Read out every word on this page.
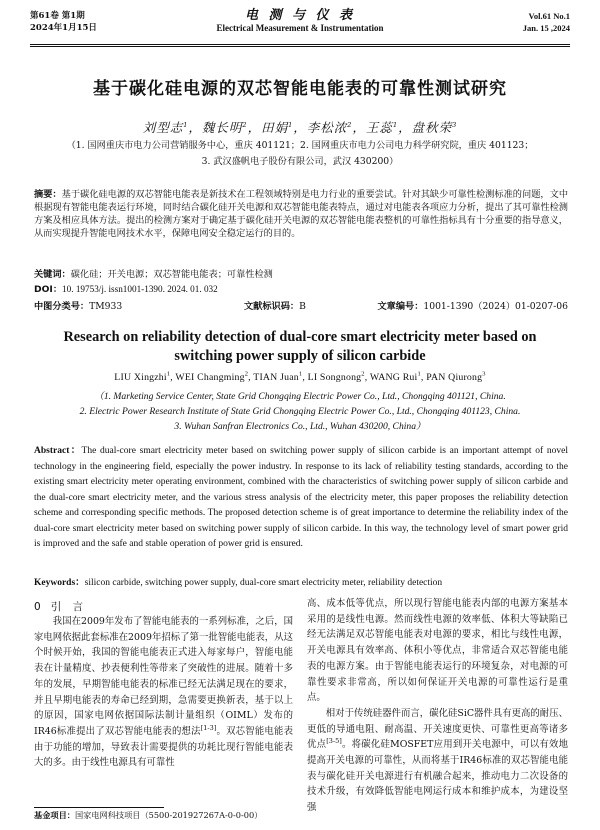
第61卷 第1期
2024年1月15日
电 测 与 仪 表
Electrical Measurement & Instrumentation
Vol.61 No.1
Jan. 15 ,2024
基于碳化硅电源的双芯智能电能表的可靠性测试研究
刘型志$^1$，魏长明$^2$，田娟$^1$，李松浓$^2$，王蕊$^1$，盘秋荣$^3$
（1. 国网重庆市电力公司营销服务中心，重庆 401121；2. 国网重庆市电力公司电力科学研究院，重庆 401123；
3. 武汉盛帆电子股份有限公司，武汉 430200）
摘要：基于碳化硅电源的双芯智能电能表是新技术在工程领域特别是电力行业的重要尝试。针对其缺少可靠性检测标准的问题，文中根据现有智能电能表运行环境，同时结合碳化硅开关电源和双芯智能电能表特点，通过对电能表各项应力分析，提出了其可靠性检测方案及相应具体方法。提出的检测方案对于确定基于碳化硅开关电源的双芯智能电能表整机的可靠性指标具有十分重要的指导意义，从而实现提升智能电网技术水平，保障电网安全稳定运行的目的。
关键词：碳化硅；开关电源；双芯智能电能表；可靠性检测
DOI：10. 19753/j. issn1001-1390. 2024. 01. 032
中图分类号：TM933	文献标识码：B	文章编号：1001-1390（2024）01-0207-06
Research on reliability detection of dual-core smart electricity meter based on
switching power supply of silicon carbide
LIU Xingzhi$^1$, WEI Changming$^2$, TIAN Juan$^1$, LI Songnong$^2$, WANG Rui$^1$, PAN Qiurong$^3$
（1. Marketing Service Center, State Grid Chongqing Electric Power Co., Ltd., Chongqing 401121, China.
2. Electric Power Research Institute of State Grid Chongqing Electric Power Co., Ltd., Chongqing 401123, China.
3. Wuhan Sanfran Electronics Co., Ltd., Wuhan 430200, China）
Abstract：The dual-core smart electricity meter based on switching power supply of silicon carbide is an important attempt of novel technology in the engineering field, especially the power industry. In response to its lack of reliability testing standards, according to the existing smart electricity meter operating environment, combined with the characteristics of switching power supply of silicon carbide and the dual-core smart electricity meter, and the various stress analysis of the electricity meter, this paper proposes the reliability detection scheme and corresponding specific methods. The proposed detection scheme is of great importance to determine the reliability index of the dual-core smart electricity meter based on switching power supply of silicon carbide. In this way, the technology level of smart power grid is improved and the safe and stable operation of power grid is ensured.
Keywords：silicon carbide, switching power supply, dual-core smart electricity meter, reliability detection
0 引 言
我国在2009年发布了智能电能表的一系列标准，之后，国家电网依据此套标准在2009年招标了第一批智能电能表，从这个时候开始，我国的智能电能表正式进入每家每户，智能电能表在计量精度、抄表便利性等带来了突破性的进展。随着十多年的发展，早期智能电能表的标准已经无法满足现在的要求，并且早期电能表的寿命已经到期，急需要更换新表，基于以上的原因，国家电网依据国际法制计量组织（OIML）发布的IR46标准提出了双芯智能电能表的想法[1-3]。双芯智能电能表由于功能的增加，导致表计需要提供的功耗比现行智能电能表大的多。由于线性电源具有可靠性
高、成本低等优点，所以现行智能电能表内部的电源方案基本采用的是线性电源。然而线性电源的效率低、体积大等缺陷已经无法满足双芯智能电能表对电源的要求，相比与线性电源，开关电源具有效率高、体积小等优点，非常适合双芯智能电能表的电源方案。由于智能电能表运行的环境复杂，对电源的可靠性要求非常高，所以如何保证开关电源的可靠性运行是重点。
相对于传统硅器件而言，碳化硅SiC器件具有更高的耐压、更低的导通电阻、耐高温、开关速度更快、可靠性更高等诸多优点[3-5]。将碳化硅MOSFET应用到开关电源中，可以有效地提高开关电源的可靠性，从而将基于IR46标准的双芯智能电能表与碳化硅开关电源进行有机融合起来，推动电力二次设备的技术升级，有效降低智能电网运行成本和维护成本，为建设坚强
基金项目：国家电网科技项目（5500-201927267A-0-0-00）
